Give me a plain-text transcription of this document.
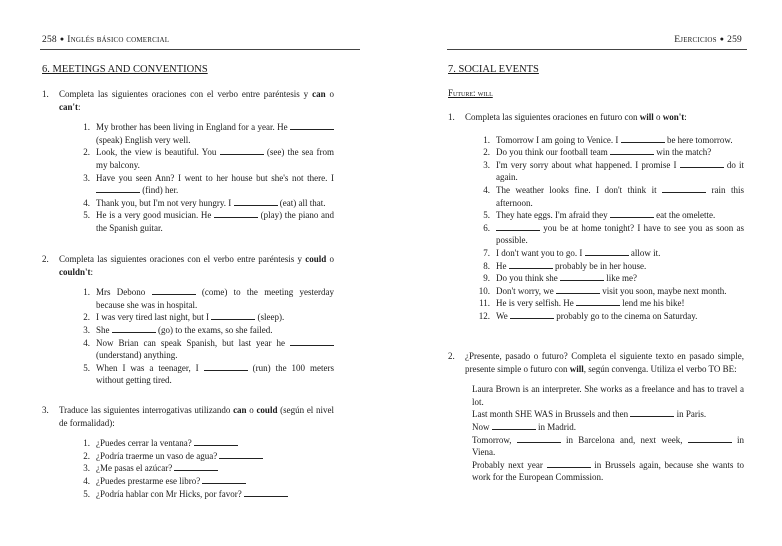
258 ● Inglés básico comercial
6. MEETINGS AND CONVENTIONS
1.	Completa las siguientes oraciones con el verbo entre paréntesis y can o can't:
1. My brother has been living in England for a year. He  (speak) English very well.
2. Look, the view is beautiful. You	(see) the sea from my balcony.
3. Have you seen Ann? I went to her house but she's not there. I  (find) her.
4. Thank you, but I'm not very hungry. I	(eat) all that.
5. He is a very good musician. He	(play) the piano and the Spanish guitar.
2.	Completa las siguientes oraciones con el verbo entre paréntesis y could o couldn't:
1. Mrs Debono	(come) to the meeting yesterday because she was in hospital.
2. I was very tired last night, but I	(sleep).
3. She	(go) to the exams, so she failed.
4. Now Brian can speak Spanish, but last year he  (understand) anything.
5. When I was a teenager, I	(run) the 100 meters without getting tired.
3.	Traduce las siguientes interrogativas utilizando can o could (según el nivel de formalidad):
1. ¿Puedes cerrar la ventana?
2. ¿Podría traerme un vaso de agua?
3. ¿Me pasas el azúcar?
4. ¿Puedes prestarme ese libro?
5. ¿Podría hablar con Mr Hicks, por favor?
Ejercicios ● 259
7. SOCIAL EVENTS
Future: will
1.	Completa las siguientes oraciones en futuro con will o won't:
1. Tomorrow I am going to Venice. I	be here tomorrow.
2. Do you think our football team	win the match?
3. I'm very sorry about what happened. I promise I	do it again.
4. The weather looks fine. I don't think it	rain this afternoon.
5. They hate eggs. I'm afraid they	eat the omelette.
6.	you be at home tonight? I have to see you as soon as possible.
7. I don't want you to go. I	allow it.
8. He	probably be in her house.
9. Do you think she	like me?
10. Don't worry, we	visit you soon, maybe next month.
11. He is very selfish. He	lend me his bike!
12. We	probably go to the cinema on Saturday.
2.	¿Presente, pasado o futuro? Completa el siguiente texto en pasado simple, presente simple o futuro con will, según convenga. Utiliza el verbo TO BE:
Laura Brown is an interpreter. She works as a freelance and has to travel a lot.
Last month SHE WAS in Brussels and then	in Paris.
Now	in Madrid.
Tomorrow,	in Barcelona and, next week,	in Viena.
Probably next year	in Brussels again, because she wants to work for the European Commission.
